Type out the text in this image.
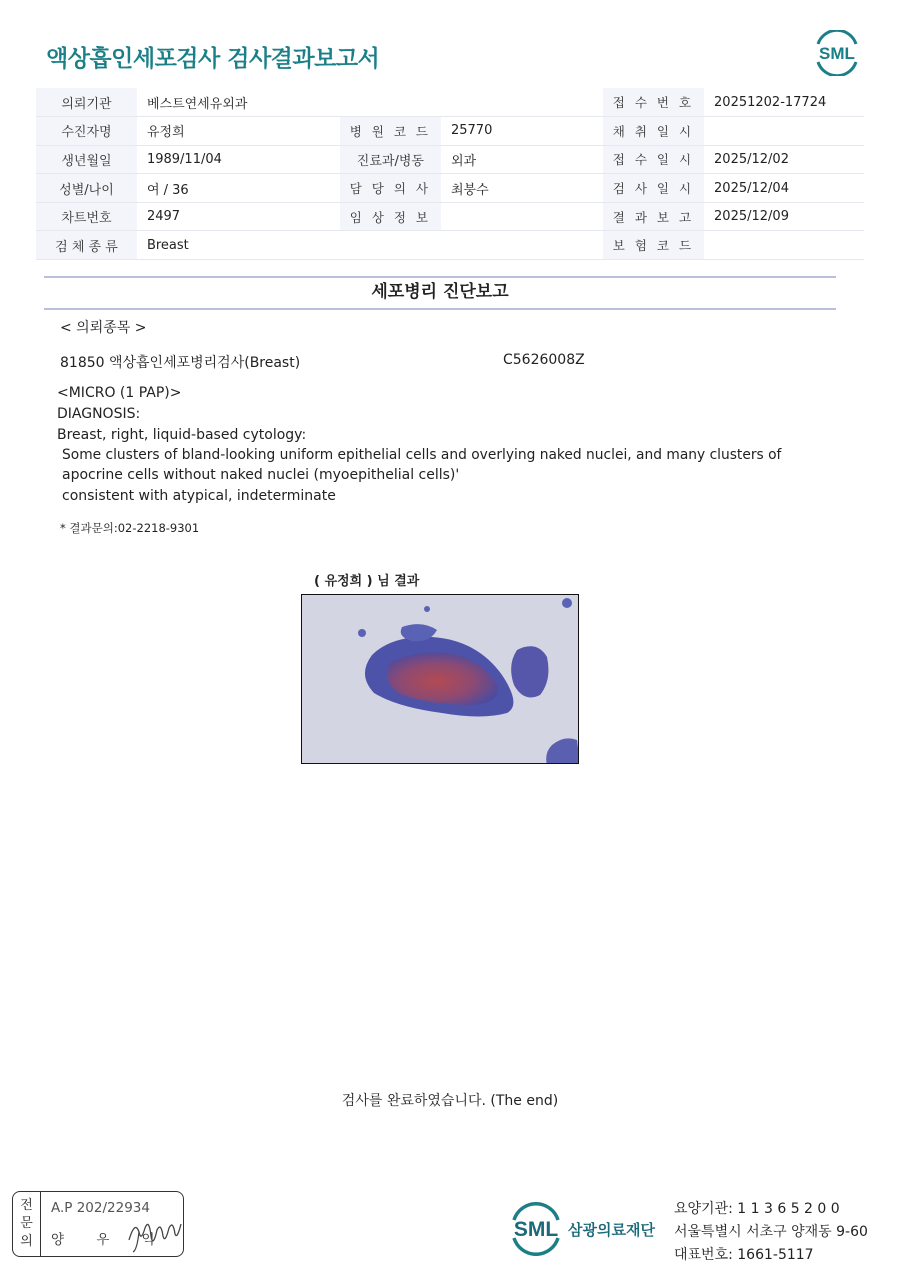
액상흡인세포검사 검사결과보고서	SML
의뢰기관	베스트연세유외과			접 수 번 호	20251202-17724
수진자명	유정희	병 원 코 드	25770	채 취 일 시	
생년월일	1989/11/04	진료과/병동	외과	접 수 일 시	2025/12/02
성별/나이	여 / 36	담 당 의 사	최붕수	검 사 일 시	2025/12/04
차트번호	2497	임 상 정 보		결 과 보 고	2025/12/09
검 체 종 류	Breast			보 험 코 드	
세포병리 진단보고
< 의뢰종목 >
81850 액상흡인세포병리검사(Breast)	C5626008Z
<MICRO (1 PAP)>
DIAGNOSIS:
Breast, right, liquid-based cytology:
Some clusters of bland-looking uniform epithelial cells and overlying naked nuclei, and many clusters of
apocrine cells without naked nuclei (myoepithelial cells)'
consistent with atypical, indeterminate
* 결과문의:02-2218-9301
( 유정희 ) 님 결과
검사를 완료하였습니다. (The end)
전
문
의
A.P 202/22934
양 우 익	SML 삼광의료재단
요양기관: 1 1 3 6 5 2 0 0
서울특별시 서초구 양재동 9-60
대표번호: 1661-5117
